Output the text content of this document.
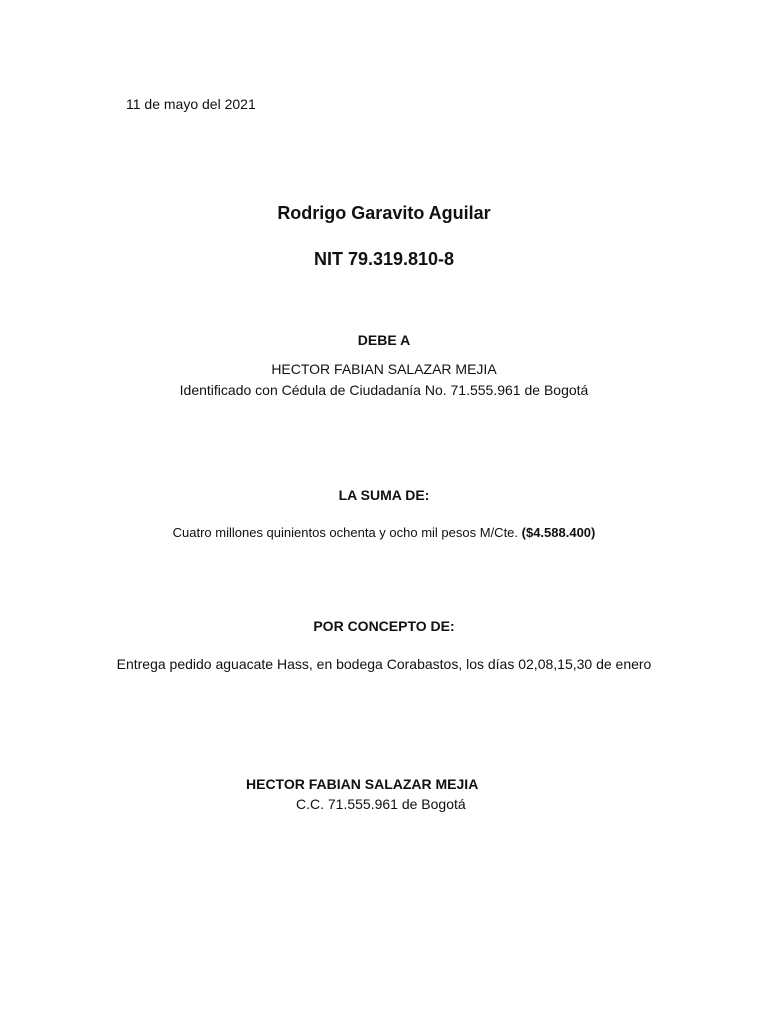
11 de mayo del 2021
Rodrigo Garavito Aguilar
NIT 79.319.810-8
DEBE A
HECTOR FABIAN SALAZAR MEJIA
Identificado con Cédula de Ciudadanía No. 71.555.961 de Bogotá
LA SUMA DE:
Cuatro millones quinientos ochenta y ocho mil pesos M/Cte. ($4.588.400)
POR CONCEPTO DE:
Entrega pedido aguacate Hass, en bodega Corabastos, los días 02,08,15,30 de enero
HECTOR FABIAN SALAZAR MEJIA
C.C. 71.555.961 de Bogotá
